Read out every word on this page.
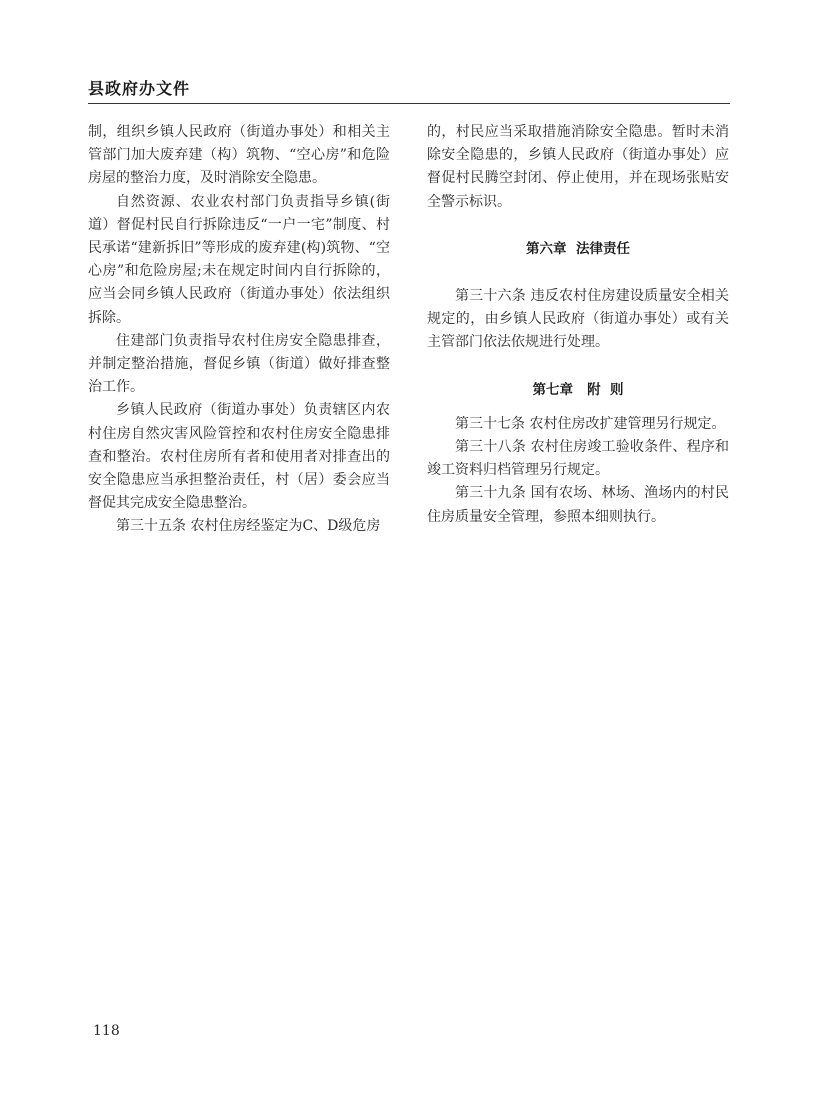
县政府办文件

制，组织乡镇人民政府（街道办事处）和相关主管部门加大废弃建（构）筑物、“空心房”和危险房屋的整治力度，及时消除安全隐患。

自然资源、农业农村部门负责指导乡镇(街道）督促村民自行拆除违反“一户一宅”制度、村民承诺“建新拆旧”等形成的废弃建(构)筑物、“空心房”和危险房屋;未在规定时间内自行拆除的，应当会同乡镇人民政府（街道办事处）依法组织拆除。

住建部门负责指导农村住房安全隐患排查，并制定整治措施，督促乡镇（街道）做好排查整治工作。

乡镇人民政府（街道办事处）负责辖区内农村住房自然灾害风险管控和农村住房安全隐患排查和整治。农村住房所有者和使用者对排查出的安全隐患应当承担整治责任，村（居）委会应当督促其完成安全隐患整治。

第三十五条 农村住房经鉴定为C、D级危房

的，村民应当采取措施消除安全隐患。暂时未消除安全隐患的，乡镇人民政府（街道办事处）应督促村民腾空封闭、停止使用，并在现场张贴安全警示标识。

第六章  法律责任

第三十六条 违反农村住房建设质量安全相关规定的，由乡镇人民政府（街道办事处）或有关主管部门依法依规进行处理。

第七章   附  则

第三十七条 农村住房改扩建管理另行规定。

第三十八条 农村住房竣工验收条件、程序和竣工资料归档管理另行规定。

第三十九条 国有农场、林场、渔场内的村民住房质量安全管理，参照本细则执行。

118
